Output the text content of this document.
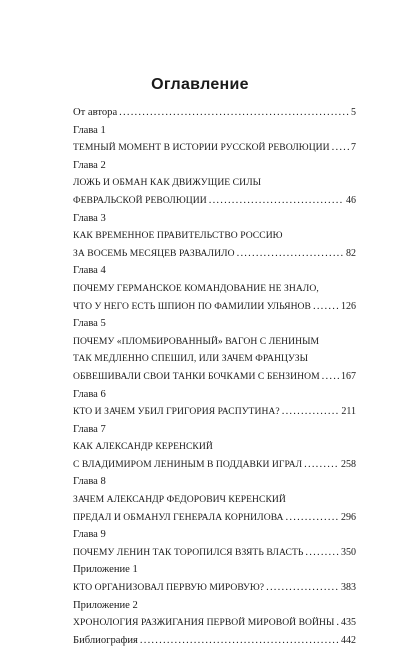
Оглавление
От автора .....	5
Глава 1
ТЕМНЫЙ МОМЕНТ В ИСТОРИИ РУССКОЙ РЕВОЛЮЦИИ ..... 7
Глава 2
ЛОЖЬ И ОБМАН КАК ДВИЖУЩИЕ СИЛЫ
ФЕВРАЛЬСКОЙ РЕВОЛЮЦИИ .....	46
Глава 3
КАК ВРЕМЕННОЕ ПРАВИТЕЛЬСТВО РОССИЮ
ЗА ВОСЕМЬ МЕСЯЦЕВ РАЗВАЛИЛО .....	82
Глава 4
ПОЧЕМУ ГЕРМАНСКОЕ КОМАНДОВАНИЕ НЕ ЗНАЛО,
ЧТО У НЕГО ЕСТЬ ШПИОН ПО ФАМИЛИИ УЛЬЯНОВ .....	126
Глава 5
ПОЧЕМУ «ПЛОМБИРОВАННЫЙ» ВАГОН С ЛЕНИНЫМ
ТАК МЕДЛЕННО СПЕШИЛ, ИЛИ ЗАЧЕМ ФРАНЦУЗЫ
ОБВЕШИВАЛИ СВОИ ТАНКИ БОЧКАМИ С БЕНЗИНОМ ..... 167
Глава 6
КТО И ЗАЧЕМ УБИЛ ГРИГОРИЯ РАСПУТИНА? .....	211
Глава 7
КАК АЛЕКСАНДР КЕРЕНСКИЙ
С ВЛАДИМИРОМ ЛЕНИНЫМ В ПОДДАВКИ ИГРАЛ .....	258
Глава 8
ЗАЧЕМ АЛЕКСАНДР ФЕДОРОВИЧ КЕРЕНСКИЙ
ПРЕДАЛ И ОБМАНУЛ ГЕНЕРАЛА КОРНИЛОВА .....	296
Глава 9
ПОЧЕМУ ЛЕНИН ТАК ТОРОПИЛСЯ ВЗЯТЬ ВЛАСТЬ .....	350
Приложение 1
КТО ОРГАНИЗОВАЛ ПЕРВУЮ МИРОВУЮ? .....	383
Приложение 2
ХРОНОЛОГИЯ РАЗЖИГАНИЯ ПЕРВОЙ МИРОВОЙ ВОЙНЫ ..... 435
Библиография .....	442
